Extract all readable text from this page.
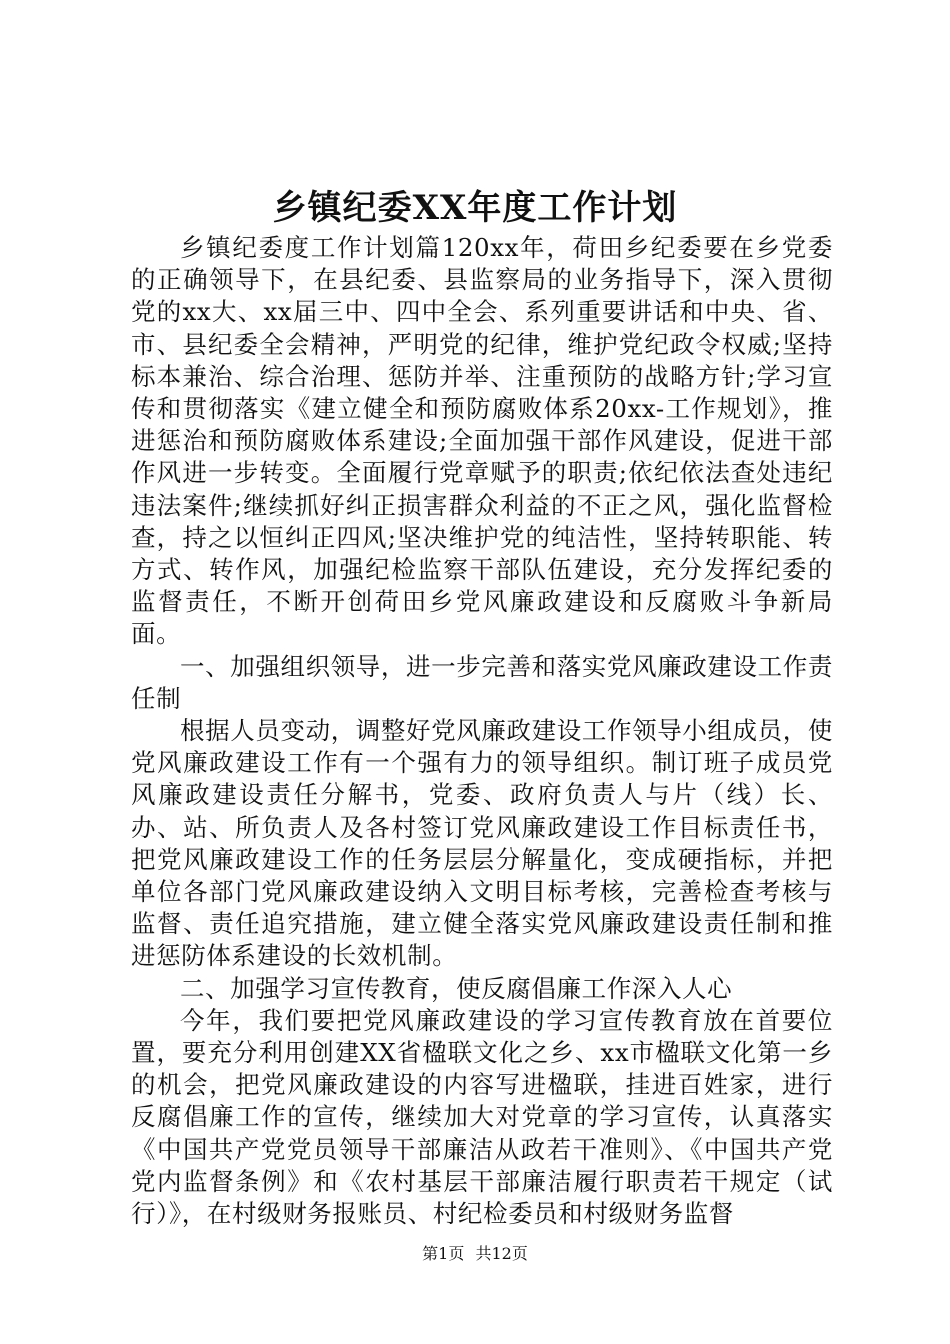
乡镇纪委XX年度工作计划

乡镇纪委度工作计划篇120xx年，荷田乡纪委要在乡党委的正确领导下，在县纪委、县监察局的业务指导下，深入贯彻党的xx大、xx届三中、四中全会、系列重要讲话和中央、省、市、县纪委全会精神，严明党的纪律，维护党纪政令权威;坚持标本兼治、综合治理、惩防并举、注重预防的战略方针;学习宣传和贯彻落实《建立健全和预防腐败体系20xx-工作规划》，推进惩治和预防腐败体系建设;全面加强干部作风建设，促进干部作风进一步转变。全面履行党章赋予的职责;依纪依法查处违纪违法案件;继续抓好纠正损害群众利益的不正之风，强化监督检查，持之以恒纠正四风;坚决维护党的纯洁性，坚持转职能、转方式、转作风，加强纪检监察干部队伍建设，充分发挥纪委的监督责任，不断开创荷田乡党风廉政建设和反腐败斗争新局面。

一、加强组织领导，进一步完善和落实党风廉政建设工作责任制

根据人员变动，调整好党风廉政建设工作领导小组成员，使党风廉政建设工作有一个强有力的领导组织。制订班子成员党风廉政建设责任分解书，党委、政府负责人与片（线）长、办、站、所负责人及各村签订党风廉政建设工作目标责任书，把党风廉政建设工作的任务层层分解量化，变成硬指标，并把单位各部门党风廉政建设纳入文明目标考核，完善检查考核与监督、责任追究措施，建立健全落实党风廉政建设责任制和推进惩防体系建设的长效机制。

二、加强学习宣传教育，使反腐倡廉工作深入人心

今年，我们要把党风廉政建设的学习宣传教育放在首要位置，要充分利用创建XX省楹联文化之乡、xx市楹联文化第一乡的机会，把党风廉政建设的内容写进楹联，挂进百姓家，进行反腐倡廉工作的宣传，继续加大对党章的学习宣传，认真落实《中国共产党党员领导干部廉洁从政若干准则》、《中国共产党党内监督条例》和《农村基层干部廉洁履行职责若干规定（试行）》，在村级财务报账员、村纪检委员和村级财务监督

第1页 共12页
